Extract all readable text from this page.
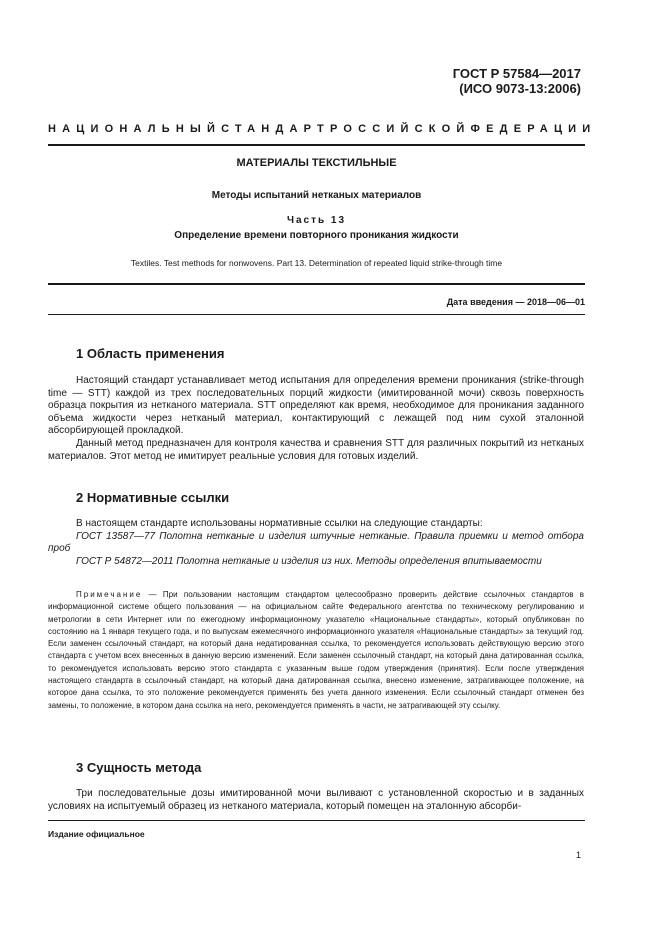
ГОСТ Р 57584—2017
(ИСО 9073-13:2006)
НАЦИОНАЛЬНЫЙ СТАНДАРТ РОССИЙСКОЙ ФЕДЕРАЦИИ
МАТЕРИАЛЫ ТЕКСТИЛЬНЫЕ
Методы испытаний нетканых материалов
Часть 13
Определение времени повторного проникания жидкости
Textiles. Test methods for nonwovens. Part 13. Determination of repeated liquid strike-through time
Дата введения — 2018—06—01
1 Область применения

Настоящий стандарт устанавливает метод испытания для определения времени проникания (strike-through time — STT) каждой из трех последовательных порций жидкости (имитированной мочи) сквозь поверхность образца покрытия из нетканого материала. STT определяют как время, необходимое для проникания заданного объема жидкости через нетканый материал, контактирующий с лежащей под ним сухой эталонной абсорбирующей прокладкой.

Данный метод предназначен для контроля качества и сравнения STT для различных покрытий из нетканых материалов. Этот метод не имитирует реальные условия для готовых изделий.

2 Нормативные ссылки

В настоящем стандарте использованы нормативные ссылки на следующие стандарты:

ГОСТ 13587—77 Полотна нетканые и изделия штучные нетканые. Правила приемки и метод отбора проб

ГОСТ Р 54872—2011 Полотна нетканые и изделия из них. Методы определения впитываемости

Примечание — При пользовании настоящим стандартом целесообразно проверить действие ссылочных стандартов в информационной системе общего пользования — на официальном сайте Федерального агентства по техническому регулированию и метрологии в сети Интернет или по ежегодному информационному указателю «Национальные стандарты», который опубликован по состоянию на 1 января текущего года, и по выпускам ежемесячного информационного указателя «Национальные стандарты» за текущий год. Если заменен ссылочный стандарт, на который дана недатированная ссылка, то рекомендуется использовать действующую версию этого стандарта с учетом всех внесенных в данную версию изменений. Если заменен ссылочный стандарт, на который дана датированная ссылка, то рекомендуется использовать версию этого стандарта с указанным выше годом утверждения (принятия). Если после утверждения настоящего стандарта в ссылочный стандарт, на который дана датированная ссылка, внесено изменение, затрагивающее положение, на которое дана ссылка, то это положение рекомендуется применять без учета данного изменения. Если ссылочный стандарт отменен без замены, то положение, в котором дана ссылка на него, рекомендуется применять в части, не затрагивающей эту ссылку.

3 Сущность метода

Три последовательные дозы имитированной мочи выливают с установленной скоростью и в заданных условиях на испытуемый образец из нетканого материала, который помещен на эталонную абсорби-

Издание официальное
1
